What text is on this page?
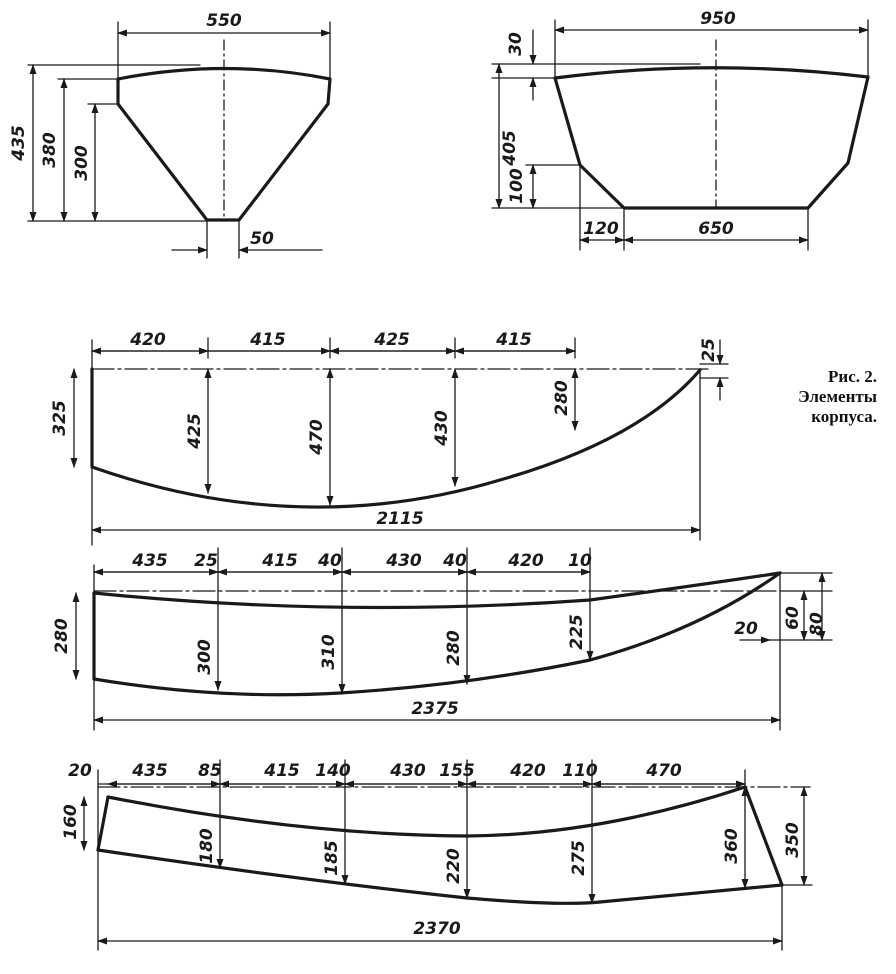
550
435 380 300
50
950
30
405
100
120	650
420	415	425	415	25
325	425	470	430
280
2115
435	415	430	420
25	40	40	10
300	310	280	225
280	20 60 80
2375
20 435	415	430	420	470
85	140	155	110
160
180	185	220	275	360 350
2370
Рис. 2.
Элементы
корпуса.
